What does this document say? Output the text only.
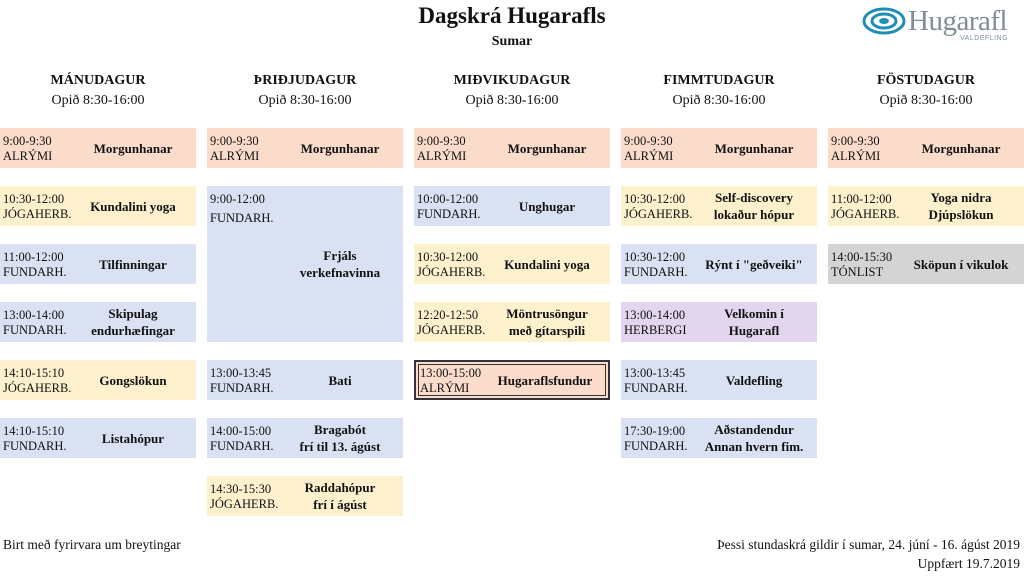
Dagskrá Hugarafls
Sumar
Hugarafl
VALDEFLING
MÁNUDAGUR
Opið 8:30-16:00
ÞRIÐJUDAGUR
Opið 8:30-16:00
MIÐVIKUDAGUR
Opið 8:30-16:00
FIMMTUDAGUR
Opið 8:30-16:00
FÖSTUDAGUR
Opið 8:30-16:00
9:00-9:30
ALRÝMI
Morgunhanar
10:30-12:00
JÓGAHERB.
Kundalini yoga
11:00-12:00
FUNDARH.
Tilfinningar
13:00-14:00
FUNDARH.
Skipulag
endurhæfingar
14:10-15:10
JÓGAHERB.
Gongslökun
14:10-15:10
FUNDARH.
Listahópur
9:00-9:30
ALRÝMI
Morgunhanar
9:00-12:00
FUNDARH.
Frjáls
verkefnavinna
13:00-13:45
FUNDARH.
Bati
14:00-15:00
FUNDARH.
Bragabót
frí til 13. ágúst
14:30-15:30
JÓGAHERB.
Raddahópur
frí í ágúst
9:00-9:30
ALRÝMI
Morgunhanar
10:00-12:00
FUNDARH.
Unghugar
10:30-12:00
JÓGAHERB.
Kundalini yoga
12:20-12:50
JÓGAHERB.
Möntrusöngur
með gítarspili
13:00-15:00
ALRÝMI
Hugaraflsfundur
9:00-9:30
ALRÝMI
Morgunhanar
10:30-12:00
JÓGAHERB.
Self-discovery
lokaður hópur
10:30-12:00
FUNDARH.
Rýnt í "geðveiki"
13:00-14:00
HERBERGI
Velkomin í
Hugarafl
13:00-13:45
FUNDARH.
Valdefling
17:30-19:00
FUNDARH.
Aðstandendur
Annan hvern fim.
9:00-9:30
ALRÝMI
Morgunhanar
11:00-12:00
JÓGAHERB.
Yoga nidra
Djúpslökun
14:00-15:30
TÓNLIST
Sköpun í vikulok
Birt með fyrirvara um breytingar	Þessi stundaskrá gildir í sumar, 24. júní - 16. ágúst 2019
Uppfært 19.7.2019
